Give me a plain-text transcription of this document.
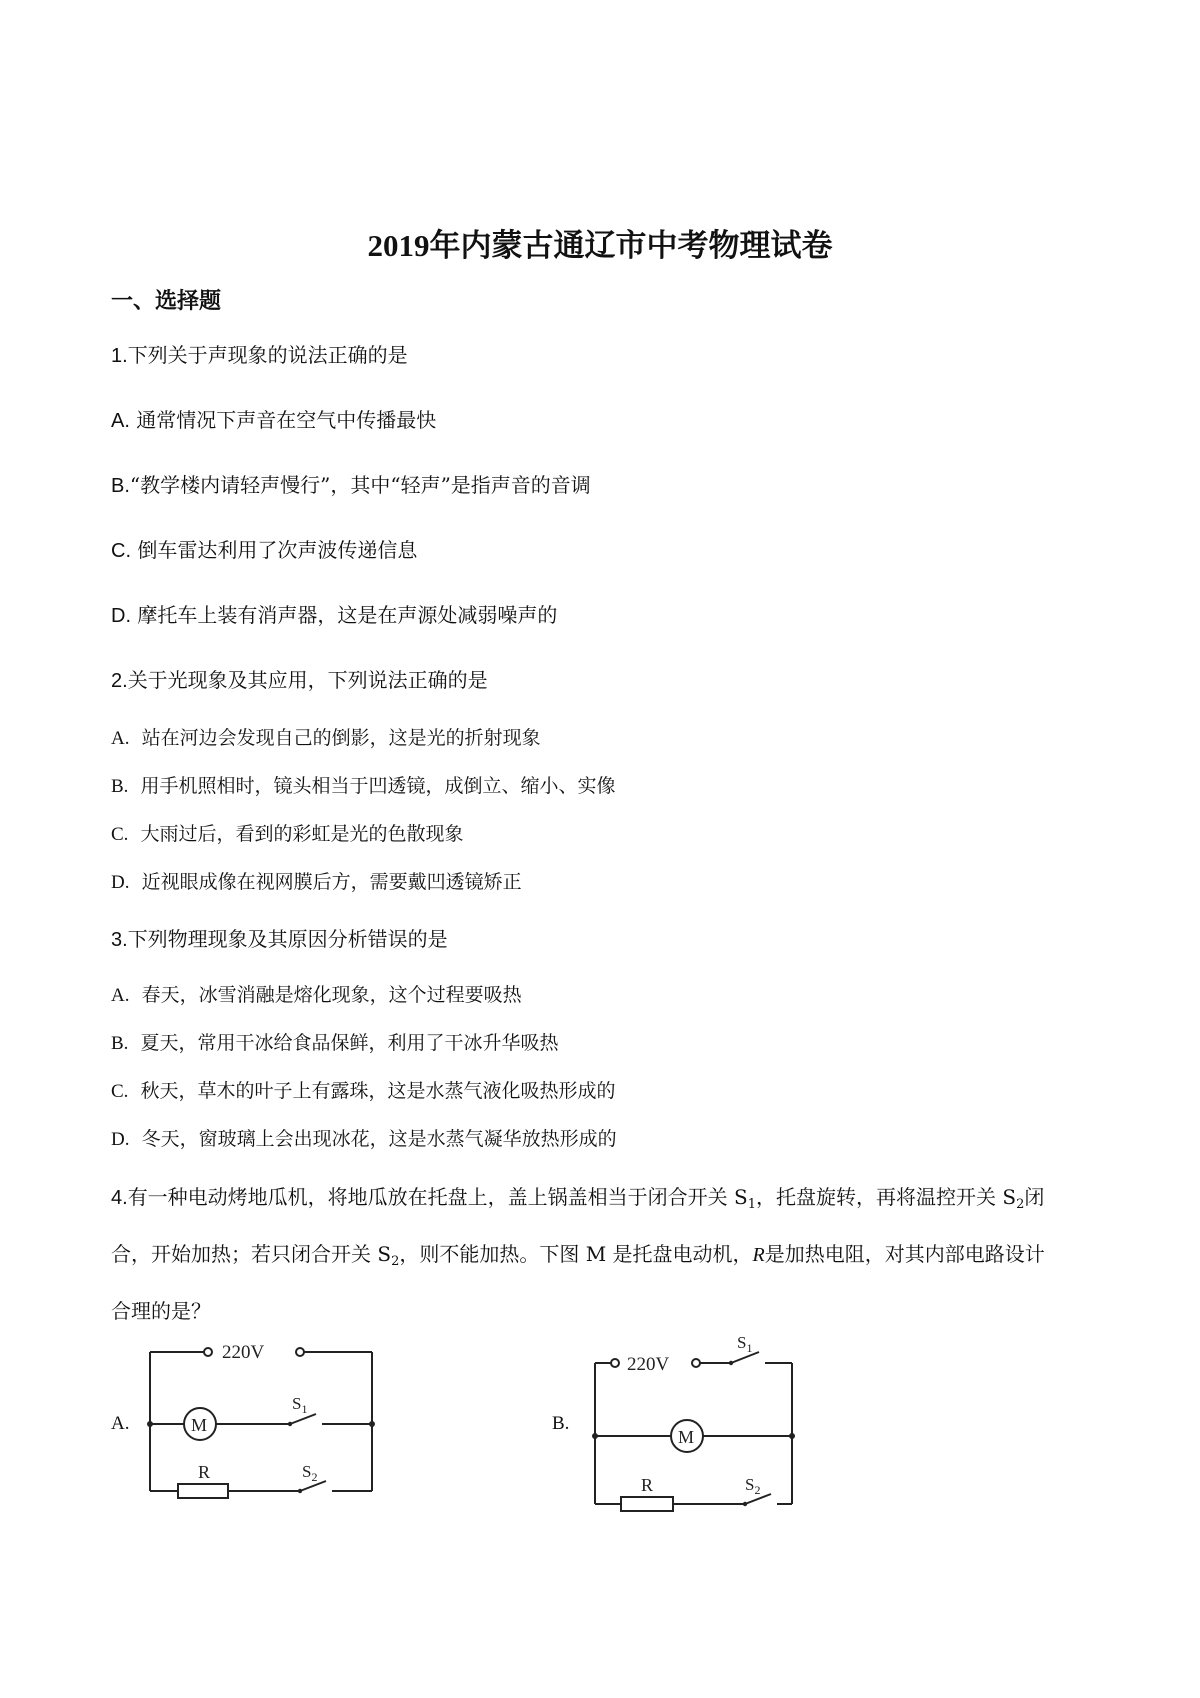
2019年内蒙古通辽市中考物理试卷
一、选择题
1.下列关于声现象的说法正确的是
A. 通常情况下声音在空气中传播最快
B.“教学楼内请轻声慢行”，其中“轻声”是指声音的音调
C. 倒车雷达利用了次声波传递信息
D. 摩托车上装有消声器，这是在声源处减弱噪声的
2.关于光现象及其应用，下列说法正确的是
A. 站在河边会发现自己的倒影，这是光的折射现象
B. 用手机照相时，镜头相当于凹透镜，成倒立、缩小、实像
C. 大雨过后，看到的彩虹是光的色散现象
D. 近视眼成像在视网膜后方，需要戴凹透镜矫正
3.下列物理现象及其原因分析错误的是
A. 春天，冰雪消融是熔化现象，这个过程要吸热
B. 夏天，常用干冰给食品保鲜，利用了干冰升华吸热
C. 秋天，草木的叶子上有露珠，这是水蒸气液化吸热形成的
D. 冬天，窗玻璃上会出现冰花，这是水蒸气凝华放热形成的
4.有一种电动烤地瓜机，将地瓜放在托盘上，盖上锅盖相当于闭合开关 $S_1$，托盘旋转，再将温控开关 $S_2$闭
合，开始加热；若只闭合开关 $S_2$，则不能加热。下图 M 是托盘电动机，R是加热电阻，对其内部电路设计
合理的是？
A.
220V
M
R
$S_1$
$S_2$
B.
220V
M
R
$S_1$
$S_2$
